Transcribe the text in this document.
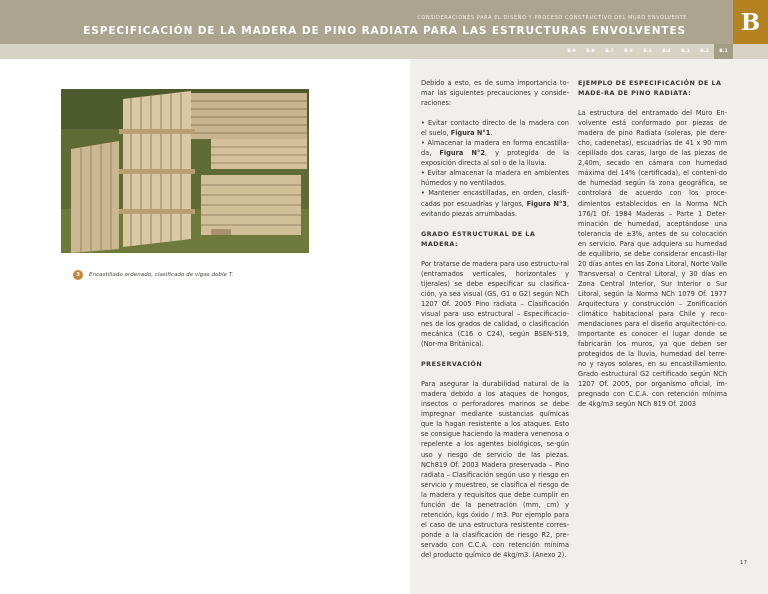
CONSIDERACIONES PARA EL DISEÑO Y PROCESO CONSTRUCTIVO DEL MURO ENVOLVENTE
ESPECIFICACIÓN DE LA MADERA DE PINO RADIATA PARA LAS ESTRUCTURAS ENVOLVENTES	B
B.9	B.8	B.7	B.6	B.5	B.4	B.3	B.2	B.1
3	Encastillado ordenado, clasificado de vigas doble T.

Debido a esto, es de suma importancia to-mar las siguientes precauciones y conside-raciones:

• Evitar contacto directo de la madera con el suelo, Figura N°1.
• Almacenar la madera en forma encastilla-da, Figura N°2, y protegida de la exposición directa al sol o de la lluvia.
• Evitar almacenar la madera en ambientes húmedos y no ventilados.
• Mantener encastilladas, en orden, clasifi-cadas por escuadrías y largos, Figura N°3, evitando piezas arrumbadas.
GRADO ESTRUCTURAL DE LA MADERA:

Por tratarse de madera para uso estructu-ral (entramados verticales, horizontales y tijerales) se debe especificar su clasifica-ción, ya sea visual (GS, G1 o G2) según NCh 1207 Of. 2005 Pino radiata – Clasificación visual para uso estructural – Especificacio-nes de los grados de calidad, o clasificación mecánica (C16 o C24), según BSEN-519, (Nor-ma Británica).

PRESERVACIÓN

Para asegurar la durabilidad natural de la madera debido a los ataques de hongos, insectos o perforadores marinos se debe impregnar mediante sustancias químicas que la hagan resistente a los ataques. Esto se consigue haciendo la madera venenosa o repelente a los agentes biológicos, se-gún uso y riesgo de servicio de las piezas. NCh819 Of. 2003 Madera preservada – Pino radiata – Clasificación según uso y riesgo en servicio y muestreo, se clasifica el riesgo de la madera y requisitos que debe cumplir en función de la penetración (mm, cm) y retención, kgs óxido / m3. Por ejemplo para el caso de una estructura resistente corres-ponde a la clasificación de riesgo R2, pre-servado con C.C.A. con retención mínima del producto químico de 4kg/m3. (Anexo 2).

EJEMPLO DE ESPECIFICACIÓN DE LA MADE-RA DE PINO RADIATA:

La estructura del entramado del Muro En-volvente está conformado por piezas de madera de pino Radiata (soleras, pie dere-cho, cadenetas), escuadrías de 41 x 90 mm cepillado dos caras, largo de las piezas de 2,40m, secado en cámara con humedad máxima del 14% (certificada), el conteni-do de humedad según la zona geográfica, se controlará de acuerdo con los proce-dimientos establecidos en la Norma NCh 176/1 Of. 1984 Maderas – Parte 1 Deter-minación de humedad, aceptándose una tolerancia de ±3%, antes de su colocación en servicio. Para que adquiera su humedad de equilibrio, se debe considerar encasti-llar 20 días antes en las Zona Litoral, Norte Valle Transversal o Central Litoral, y 30 días en Zona Central Interior, Sur Interior o Sur Litoral, según la Norma NCh 1079 Of. 1977 Arquitectura y construcción – Zonificación climático habitacional para Chile y reco-mendaciones para el diseño arquitectóni-co. Importante es conocer el lugar donde se fabricarán los muros, ya que deben ser protegidos de la lluvia, humedad del terre-no y rayos solares, en su encastillamiento. Grado estructural G2 certificado según NCh 1207 Of. 2005, por organismo oficial, im-pregnado con C.C.A. con retención mínima de 4kg/m3 según NCh 819 Of. 2003

17
